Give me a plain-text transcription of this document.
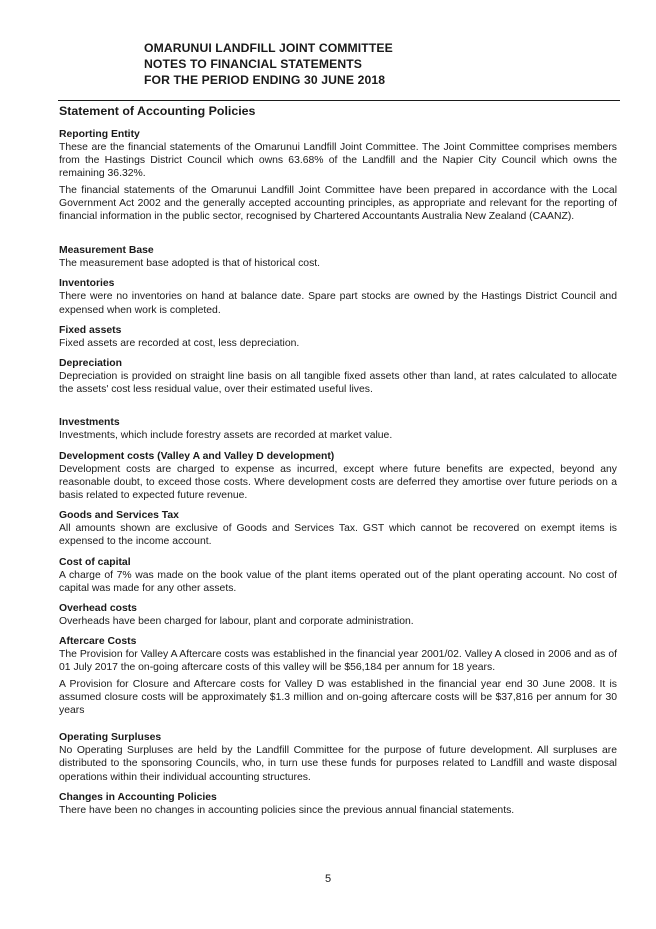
OMARUNUI LANDFILL JOINT COMMITTEE
NOTES TO FINANCIAL STATEMENTS
FOR THE PERIOD ENDING 30 JUNE 2018
Statement of Accounting Policies
Reporting Entity

These are the financial statements of the Omarunui Landfill Joint Committee. The Joint Committee comprises members from the Hastings District Council which owns 63.68% of the Landfill and the Napier City Council which owns the remaining 36.32%.

The financial statements of the Omarunui Landfill Joint Committee have been prepared in accordance with the Local Government Act 2002 and the generally accepted accounting principles, as appropriate and relevant for the reporting of financial information in the public sector, recognised by Chartered Accountants Australia New Zealand (CAANZ).

Measurement Base

The measurement base adopted is that of historical cost.

Inventories

There were no inventories on hand at balance date. Spare part stocks are owned by the Hastings District Council and expensed when work is completed.

Fixed assets

Fixed assets are recorded at cost, less depreciation.

Depreciation

Depreciation is provided on straight line basis on all tangible fixed assets other than land, at rates calculated to allocate the assets' cost less residual value, over their estimated useful lives.

Investments

Investments, which include forestry assets are recorded at market value.

Development costs (Valley A and Valley D development)

Development costs are charged to expense as incurred, except where future benefits are expected, beyond any reasonable doubt, to exceed those costs. Where development costs are deferred they amortise over future periods on a basis related to expected future revenue.

Goods and Services Tax

All amounts shown are exclusive of Goods and Services Tax. GST which cannot be recovered on exempt items is expensed to the income account.

Cost of capital

A charge of 7% was made on the book value of the plant items operated out of the plant operating account. No cost of capital was made for any other assets.

Overhead costs

Overheads have been charged for labour, plant and corporate administration.

Aftercare Costs

The Provision for Valley A Aftercare costs was established in the financial year 2001/02. Valley A closed in 2006 and as of 01 July 2017 the on-going aftercare costs of this valley will be $56,184 per annum for 18 years.

A Provision for Closure and Aftercare costs for Valley D was established in the financial year end 30 June 2008. It is assumed closure costs will be approximately $1.3 million and on-going aftercare costs will be $37,816 per annum for 30 years

Operating Surpluses

No Operating Surpluses are held by the Landfill Committee for the purpose of future development. All surpluses are distributed to the sponsoring Councils, who, in turn use these funds for purposes related to Landfill and waste disposal operations within their individual accounting structures.

Changes in Accounting Policies

There have been no changes in accounting policies since the previous annual financial statements.

5
